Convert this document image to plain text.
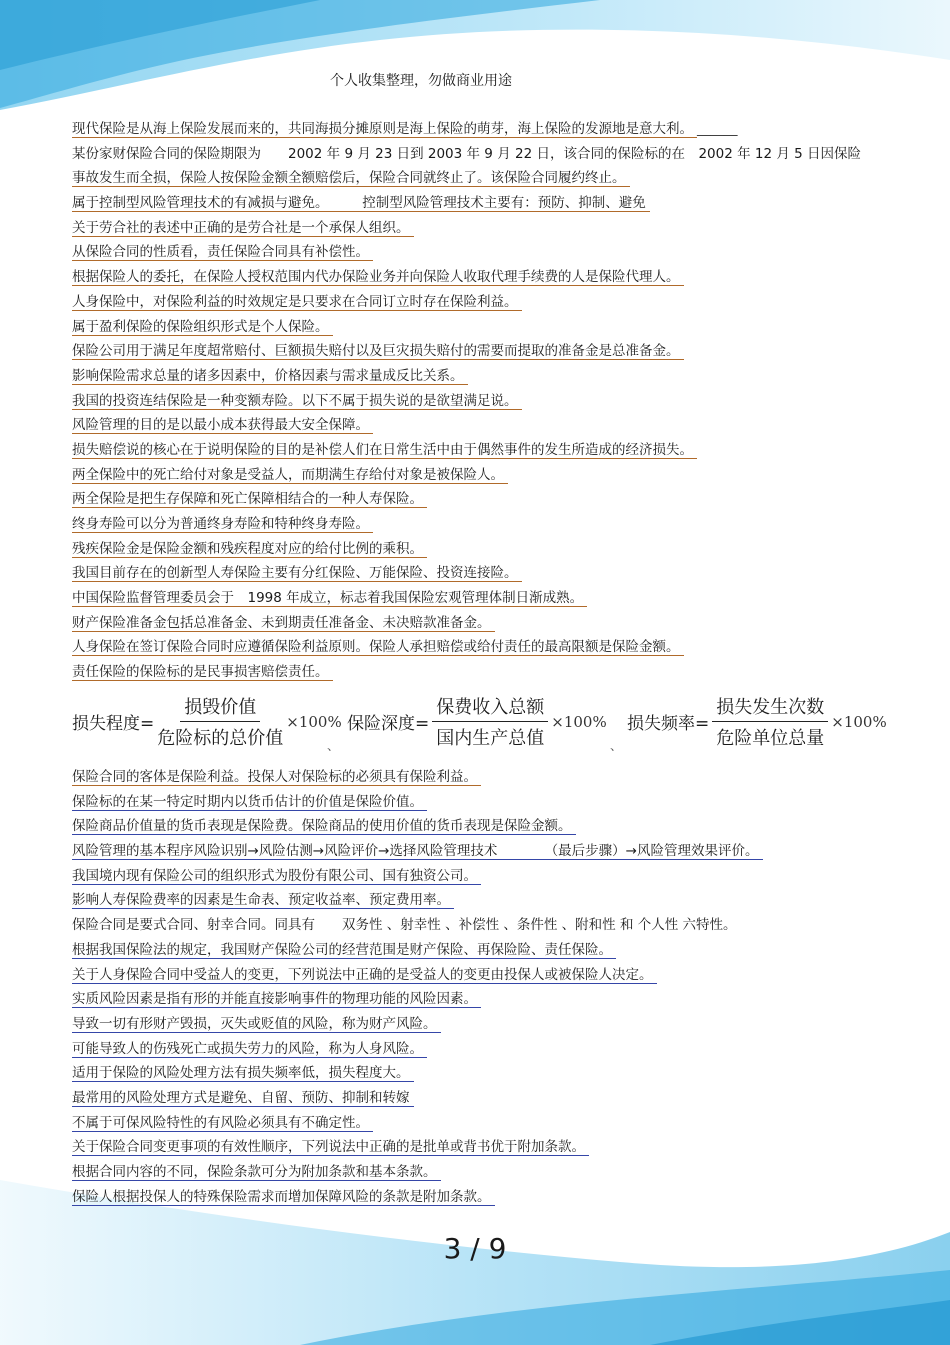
个人收集整理，勿做商业用途
现代保险是从海上保险发展而来的，共同海损分摊原则是海上保险的萌芽，海上保险的发源地是意大利。 ______
某份家财保险合同的保险期限为　　2002 年 9 月 23 日到 2003 年 9 月 22 日，该合同的保险标的在　2002 年 12 月 5 日因保险
事故发生而全损，保险人按保险金额全额赔偿后，保险合同就终止了。该保险合同履约终止。
属于控制型风险管理技术的有减损与避免。　　　控制型风险管理技术主要有：预防、抑制、避免
关于劳合社的表述中正确的是劳合社是一个承保人组织。
从保险合同的性质看，责任保险合同具有补偿性。
根据保险人的委托，在保险人授权范围内代办保险业务并向保险人收取代理手续费的人是保险代理人。
人身保险中，对保险利益的时效规定是只要求在合同订立时存在保险利益。
属于盈利保险的保险组织形式是个人保险。
保险公司用于满足年度超常赔付、巨额损失赔付以及巨灾损失赔付的需要而提取的准备金是总准备金。
影响保险需求总量的诸多因素中，价格因素与需求量成反比关系。
我国的投资连结保险是一种变额寿险。以下不属于损失说的是欲望满足说。
风险管理的目的是以最小成本获得最大安全保障。
损失赔偿说的核心在于说明保险的目的是补偿人们在日常生活中由于偶然事件的发生所造成的经济损失。
两全保险中的死亡给付对象是受益人，而期满生存给付对象是被保险人。
两全保险是把生存保障和死亡保障相结合的一种人寿保险。
终身寿险可以分为普通终身寿险和特种终身寿险。
残疾保险金是保险金额和残疾程度对应的给付比例的乘积。
我国目前存在的创新型人寿保险主要有分红保险、万能保险、投资连接险。
中国保险监督管理委员会于　1998 年成立，标志着我国保险宏观管理体制日渐成熟。
财产保险准备金包括总准备金、未到期责任准备金、未决赔款准备金。
人身保险在签订保险合同时应遵循保险利益原则。保险人承担赔偿或给付责任的最高限额是保险金额。
责任保险的保险标的是民事损害赔偿责任。
损失程度= $\frac{\text{损毁价值}}{\text{危险标的总价值}} \times 100\%$
、
保险深度= $\frac{\text{保费收入总额}}{\text{国内生产总值}} \times 100\%$
、
损失频率= $\frac{\text{损失发生次数}}{\text{危险单位总量}} \times 100\%$
保险合同的客体是保险利益。投保人对保险标的必须具有保险利益。
保险标的在某一特定时期内以货币估计的价值是保险价值。
保险商品价值量的货币表现是保险费。保险商品的使用价值的货币表现是保险金额。
风险管理的基本程序风险识别→风险估测→风险评价→选择风险管理技术　　　　（最后步骤）→风险管理效果评价。
我国境内现有保险公司的组织形式为股份有限公司、国有独资公司。
影响人寿保险费率的因素是生命表、预定收益率、预定费用率。
保险合同是要式合同、射幸合同。同具有　　双务性 、射幸性 、补偿性 、条件性 、附和性 和 个人性 六特性。
根据我国保险法的规定，我国财产保险公司的经营范围是财产保险、再保险险、责任保险。
关于人身保险合同中受益人的变更，下列说法中正确的是受益人的变更由投保人或被保险人决定。
实质风险因素是指有形的并能直接影响事件的物理功能的风险因素。
导致一切有形财产毁损，灭失或贬值的风险，称为财产风险。
可能导致人的伤残死亡或损失劳力的风险，称为人身风险。
适用于保险的风险处理方法有损失频率低，损失程度大。
最常用的风险处理方式是避免、自留、预防、抑制和转嫁
不属于可保风险特性的有风险必须具有不确定性。
关于保险合同变更事项的有效性顺序，下列说法中正确的是批单或背书优于附加条款。
根据合同内容的不同，保险条款可分为附加条款和基本条款。
保险人根据投保人的特殊保险需求而增加保障风险的条款是附加条款。
3 / 9
